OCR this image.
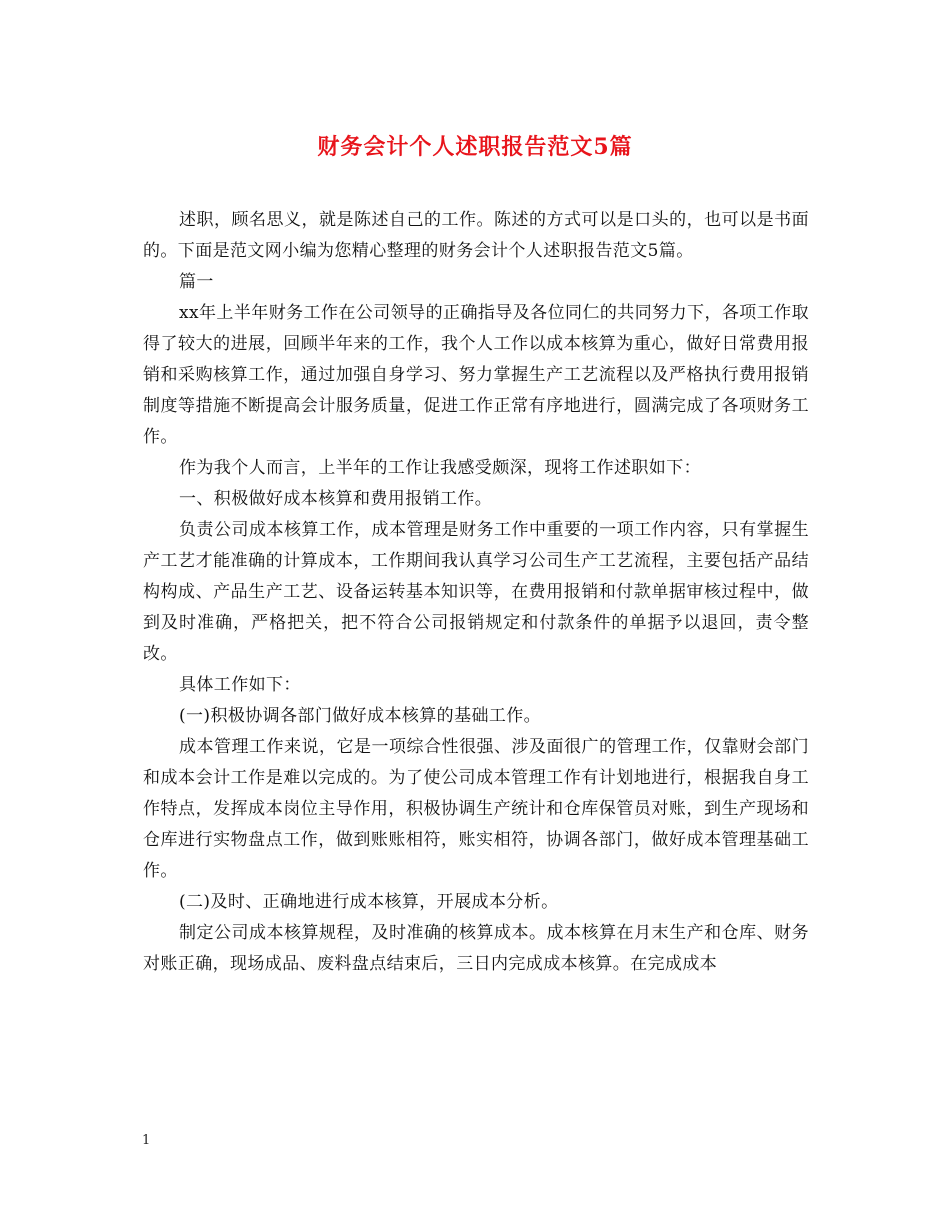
财务会计个人述职报告范文5篇

述职，顾名思义，就是陈述自己的工作。陈述的方式可以是口头的，也可以是书面的。下面是范文网小编为您精心整理的财务会计个人述职报告范文5篇。

篇一

xx年上半年财务工作在公司领导的正确指导及各位同仁的共同努力下，各项工作取得了较大的进展，回顾半年来的工作，我个人工作以成本核算为重心，做好日常费用报销和采购核算工作，通过加强自身学习、努力掌握生产工艺流程以及严格执行费用报销制度等措施不断提高会计服务质量，促进工作正常有序地进行，圆满完成了各项财务工作。

作为我个人而言，上半年的工作让我感受颇深，现将工作述职如下：

一、积极做好成本核算和费用报销工作。

负责公司成本核算工作，成本管理是财务工作中重要的一项工作内容，只有掌握生产工艺才能准确的计算成本，工作期间我认真学习公司生产工艺流程，主要包括产品结构构成、产品生产工艺、设备运转基本知识等，在费用报销和付款单据审核过程中，做到及时准确，严格把关，把不符合公司报销规定和付款条件的单据予以退回，责令整改。

具体工作如下：

(一)积极协调各部门做好成本核算的基础工作。

成本管理工作来说，它是一项综合性很强、涉及面很广的管理工作，仅靠财会部门和成本会计工作是难以完成的。为了使公司成本管理工作有计划地进行，根据我自身工作特点，发挥成本岗位主导作用，积极协调生产统计和仓库保管员对账，到生产现场和仓库进行实物盘点工作，做到账账相符，账实相符，协调各部门，做好成本管理基础工作。

(二)及时、正确地进行成本核算，开展成本分析。

制定公司成本核算规程，及时准确的核算成本。成本核算在月末生产和仓库、财务对账正确，现场成品、废料盘点结束后，三日内完成成本核算。在完成成本

1
